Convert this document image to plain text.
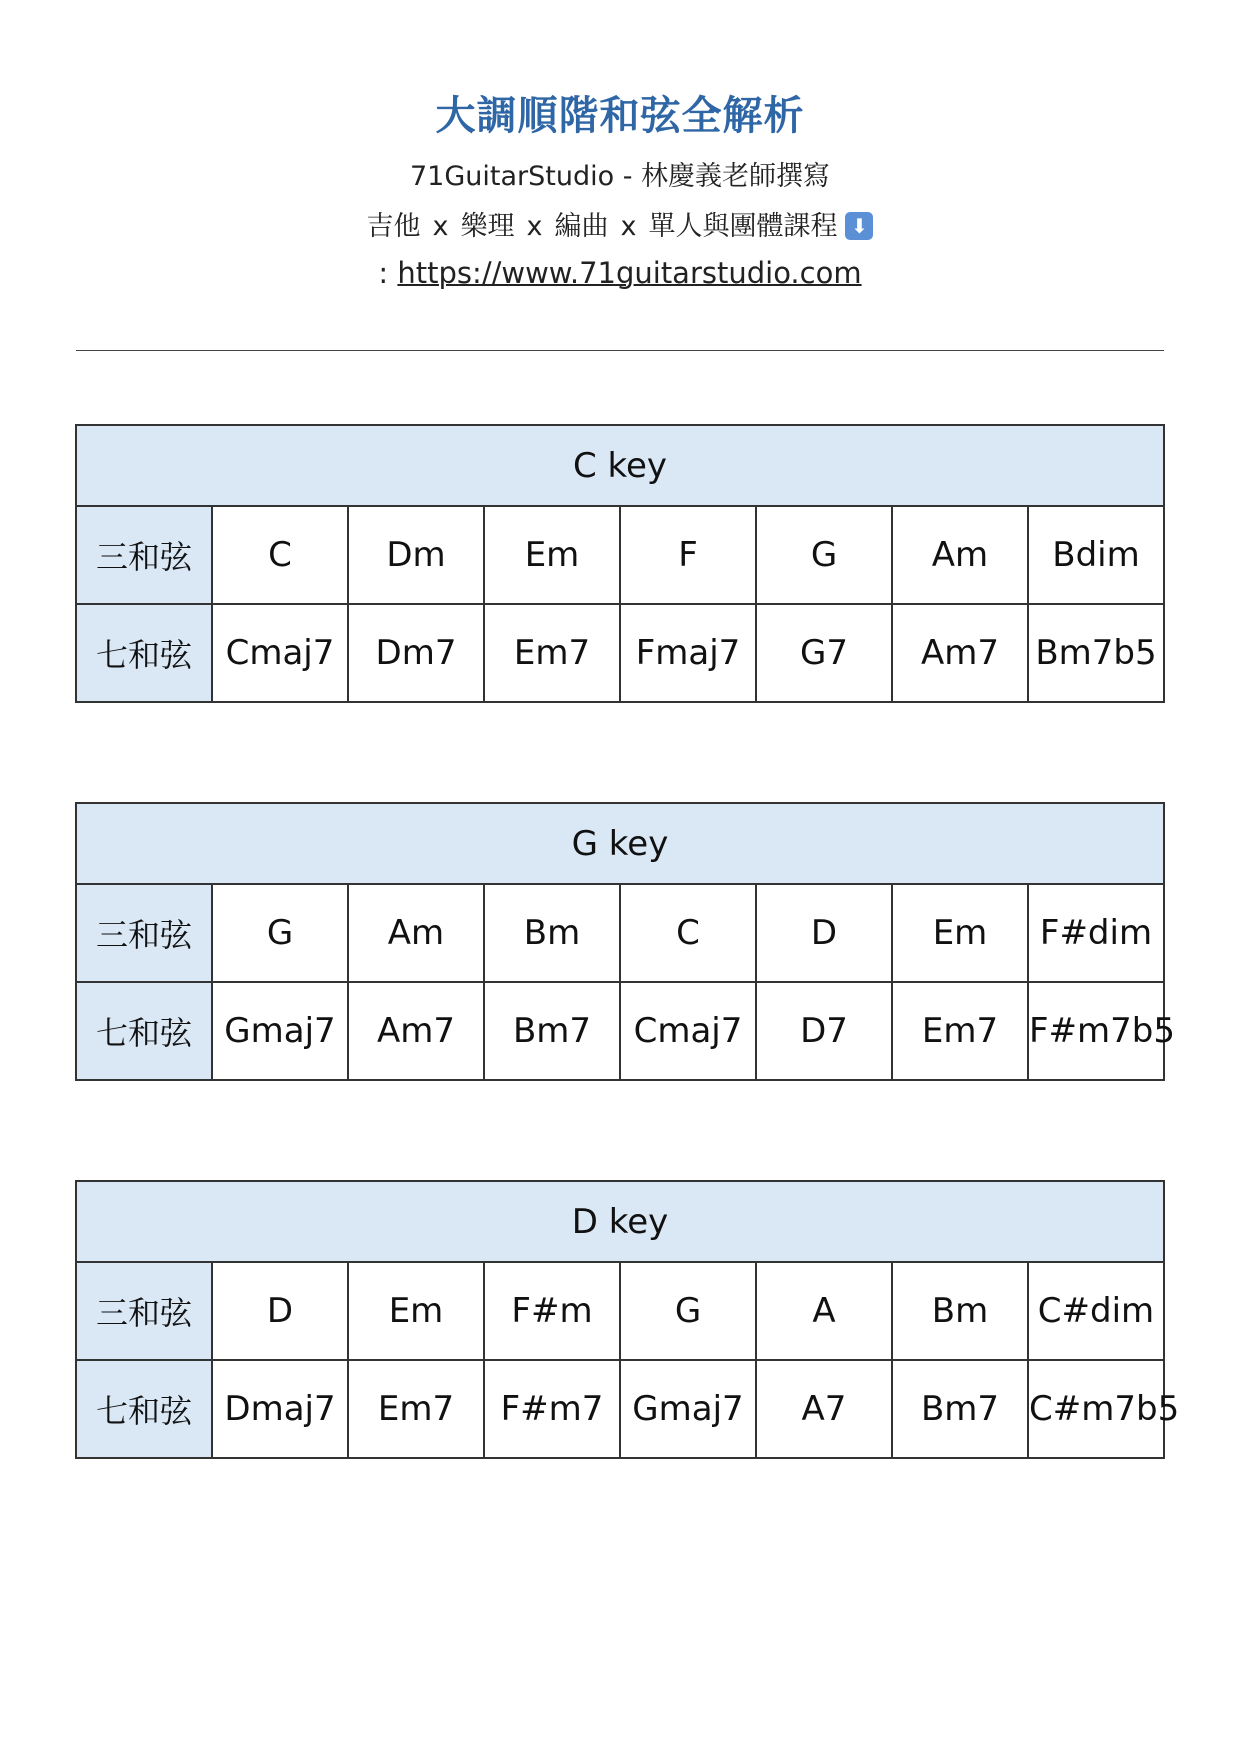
大調順階和弦全解析
71GuitarStudio - 林慶義老師撰寫
吉他 x 樂理 x 編曲 x 單人與團體課程 ⬇
: https://www.71guitarstudio.com
C key							
三和弦	C	Dm	Em	F	G	Am	Bdim
七和弦	Cmaj7	Dm7	Em7	Fmaj7	G7	Am7	Bm7b5
G key							
三和弦	G	Am	Bm	C	D	Em	F#dim
七和弦	Gmaj7	Am7	Bm7	Cmaj7	D7	Em7	F#m7b5
D key							
三和弦	D	Em	F#m	G	A	Bm	C#dim
七和弦	Dmaj7	Em7	F#m7	Gmaj7	A7	Bm7	C#m7b5
